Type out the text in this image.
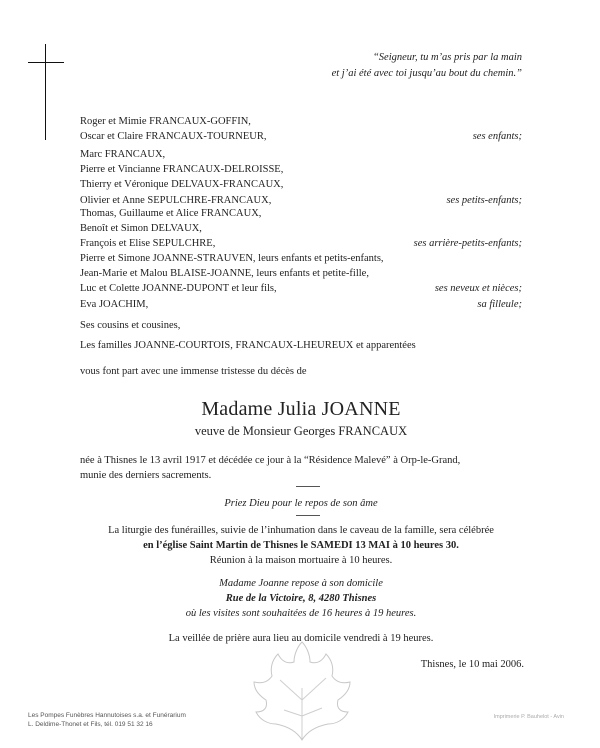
“Seigneur, tu m’as pris par la main
et j’ai été avec toi jusqu’au bout du chemin.”
Roger et Mimie FRANCAUX-GOFFIN,
Oscar et Claire FRANCAUX-TOURNEUR,	ses enfants;
Marc FRANCAUX,
Pierre et Vincianne FRANCAUX-DELROISSE,
Thierry et Véronique DELVAUX-FRANCAUX,
Olivier et Anne SEPULCHRE-FRANCAUX,	ses petits-enfants;
Thomas, Guillaume et Alice FRANCAUX,
Benoît et Simon DELVAUX,
François et Elise SEPULCHRE,	ses arrière-petits-enfants;
Pierre et Simone JOANNE-STRAUVEN, leurs enfants et petits-enfants,
Jean-Marie et Malou BLAISE-JOANNE, leurs enfants et petite-fille,
Luc et Colette JOANNE-DUPONT et leur fils,	ses neveux et nièces;
Eva JOACHIM,	sa filleule;
Ses cousins et cousines,
Les familles JOANNE-COURTOIS, FRANCAUX-LHEUREUX et apparentées
vous font part avec une immense tristesse du décès de
Madame Julia JOANNE
veuve de Monsieur Georges FRANCAUX
née à Thisnes le 13 avril 1917 et décédée ce jour à la “Résidence Malevé” à Orp-le-Grand,
munie des derniers sacrements.
Priez Dieu pour le repos de son âme
La liturgie des funérailles, suivie de l’inhumation dans le caveau de la famille, sera célébrée
en l’église Saint Martin de Thisnes le SAMEDI 13 MAI à 10 heures 30.
Réunion à la maison mortuaire à 10 heures.
Madame Joanne repose à son domicile
Rue de la Victoire, 8, 4280 Thisnes
où les visites sont souhaitées de 16 heures à 19 heures.
La veillée de prière aura lieu au domicile vendredi à 19 heures.
Thisnes, le 10 mai 2006.
Les Pompes Funèbres Hannutoises s.a. et Funérarium
L. Deldime-Thonet et Fils, tél. 019 51 32 16
Imprimerie P. Bauhelot - Avin
